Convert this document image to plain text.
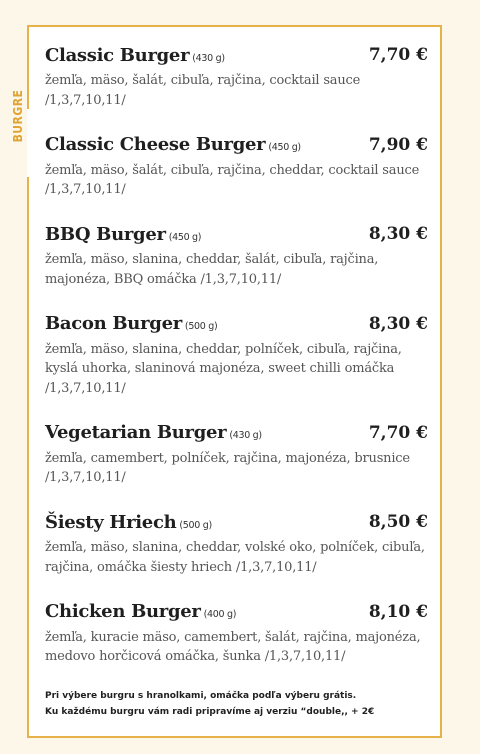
BURGRE
Classic Burger (430 g)	7,70 €
žemľa, mäso, šalát, cibuľa, rajčina, cocktail sauce /1,3,7,10,11/
Classic Cheese Burger (450 g)	7,90 €
žemľa, mäso, šalát, cibuľa, rajčina, cheddar, cocktail sauce /1,3,7,10,11/
BBQ Burger (450 g)	8,30 €
žemľa, mäso, slanina, cheddar, šalát, cibuľa, rajčina, majonéza, BBQ omáčka /1,3,7,10,11/
Bacon Burger (500 g)	8,30 €
žemľa, mäso, slanina, cheddar, polníček, cibuľa, rajčina, kyslá uhorka, slaninová majonéza, sweet chilli omáčka /1,3,7,10,11/
Vegetarian Burger (430 g)	7,70 €
žemľa, camembert, polníček, rajčina, majonéza, brusnice /1,3,7,10,11/
Šiesty Hriech (500 g)	8,50 €
žemľa, mäso, slanina, cheddar, volské oko, polníček, cibuľa, rajčina, omáčka šiesty hriech /1,3,7,10,11/
Chicken Burger (400 g)	8,10 €
žemľa, kuracie mäso, camembert, šalát, rajčina, majonéza, medovo horčicová omáčka, šunka /1,3,7,10,11/
Pri výbere burgru s hranolkami, omáčka podľa výberu grátis.
Ku každému burgru vám radi pripravíme aj verziu “double,, + 2€
